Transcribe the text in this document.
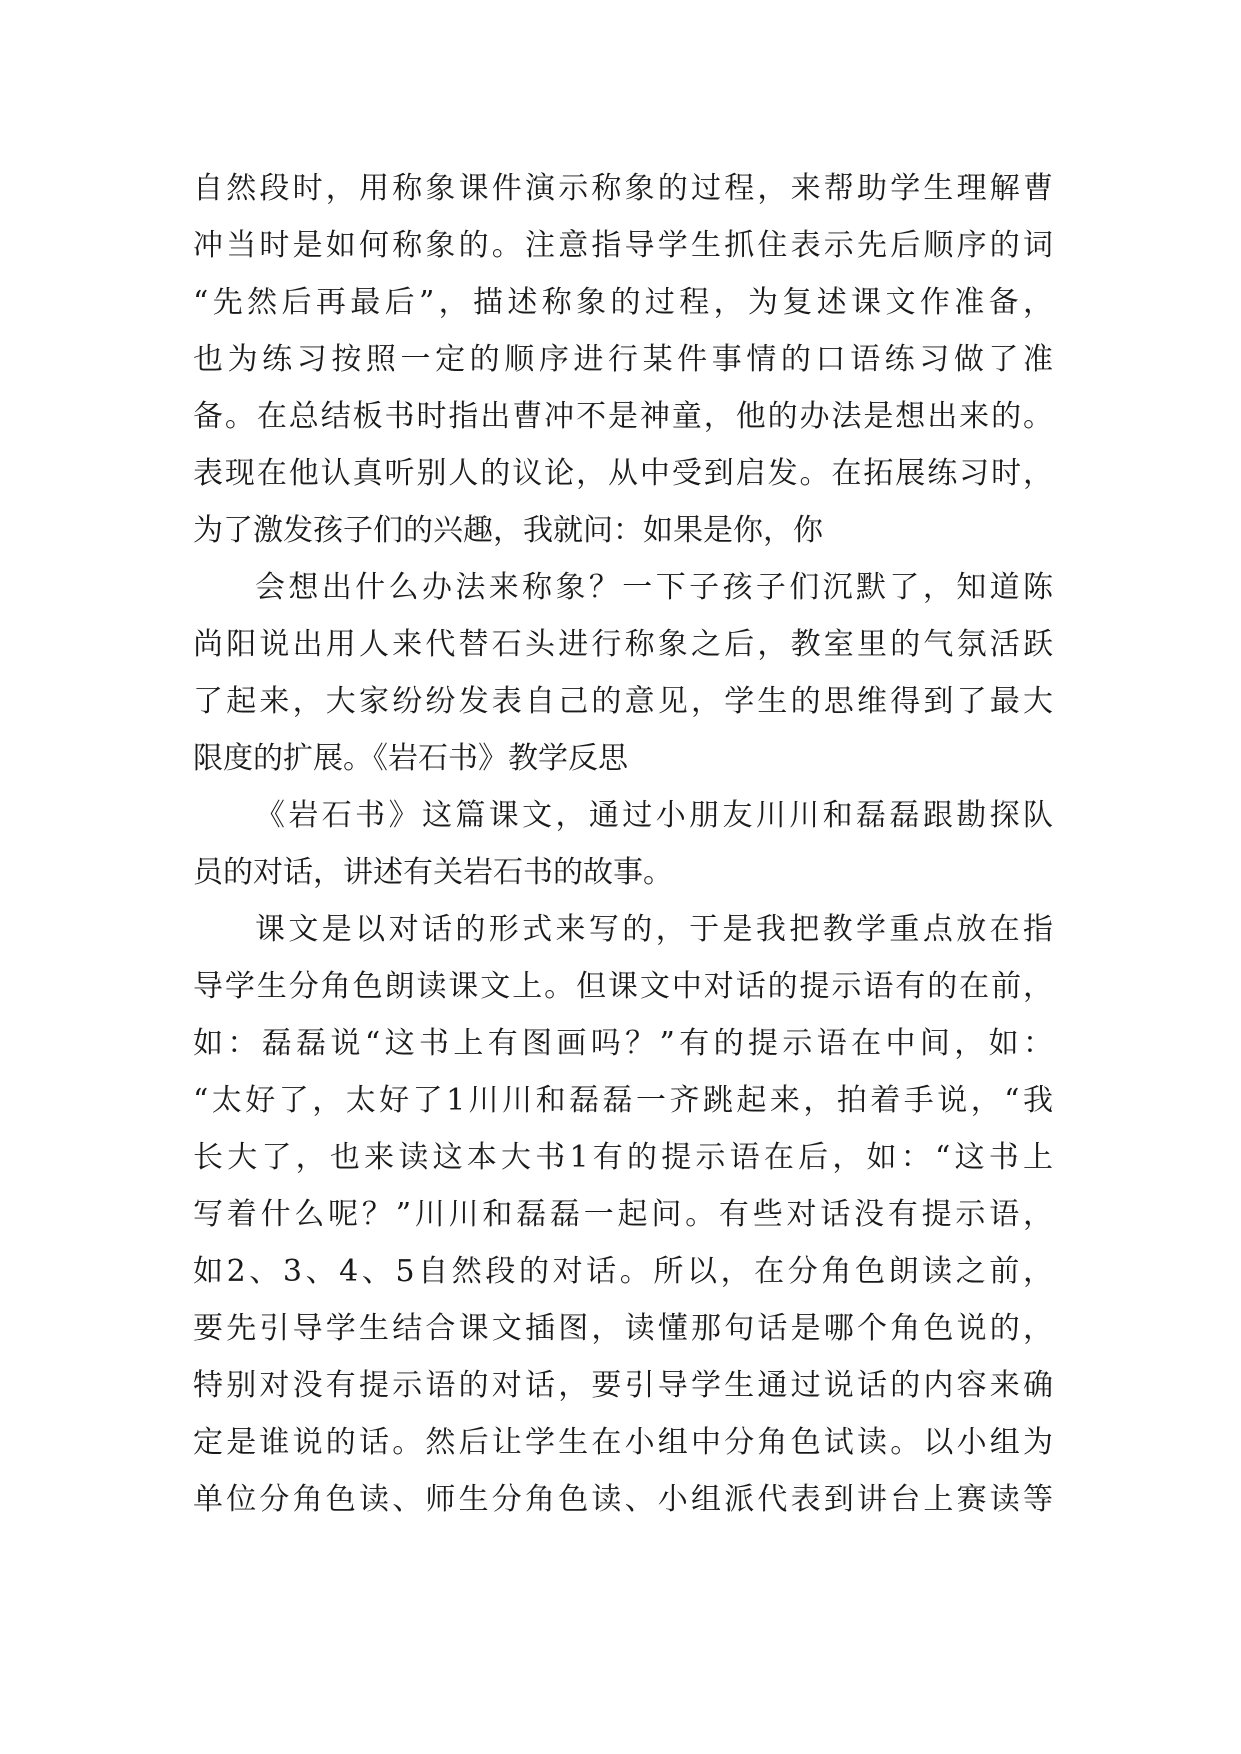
自然段时，用称象课件演示称象的过程，来帮助学生理解曹
冲当时是如何称象的。注意指导学生抓住表示先后顺序的词
“先然后再最后”，描述称象的过程，为复述课文作准备，
也为练习按照一定的顺序进行某件事情的口语练习做了准
备。在总结板书时指出曹冲不是神童，他的办法是想出来的。
表现在他认真听别人的议论，从中受到启发。在拓展练习时，
为了激发孩子们的兴趣，我就问：如果是你，你
会想出什么办法来称象？一下子孩子们沉默了，知道陈
尚阳说出用人来代替石头进行称象之后，教室里的气氛活跃
了起来，大家纷纷发表自己的意见，学生的思维得到了最大
限度的扩展。《岩石书》教学反思
《岩石书》这篇课文，通过小朋友川川和磊磊跟勘探队
员的对话，讲述有关岩石书的故事。
课文是以对话的形式来写的，于是我把教学重点放在指
导学生分角色朗读课文上。但课文中对话的提示语有的在前，
如：磊磊说“这书上有图画吗？”有的提示语在中间，如：
“太好了，太好了1川川和磊磊一齐跳起来，拍着手说，“我
长大了，也来读这本大书1有的提示语在后，如：“这书上
写着什么呢？”川川和磊磊一起问。有些对话没有提示语，
如2、3、4、5自然段的对话。所以，在分角色朗读之前，
要先引导学生结合课文插图，读懂那句话是哪个角色说的，
特别对没有提示语的对话，要引导学生通过说话的内容来确
定是谁说的话。然后让学生在小组中分角色试读。以小组为
单位分角色读、师生分角色读、小组派代表到讲台上赛读等
